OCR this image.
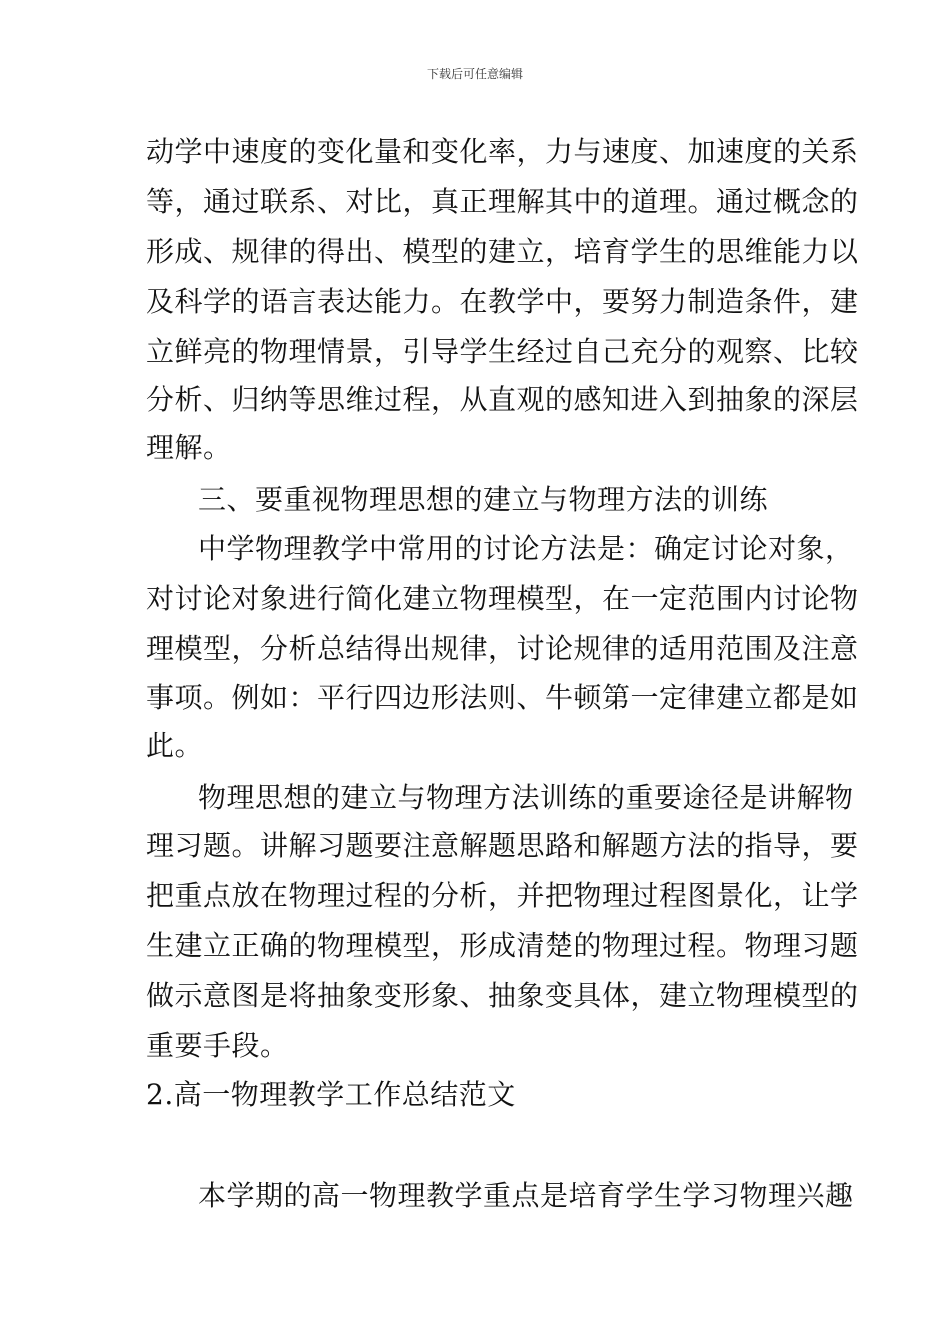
下载后可任意编辑
动学中速度的变化量和变化率，力与速度、加速度的关系
等，通过联系、对比，真正理解其中的道理。通过概念的
形成、规律的得出、模型的建立，培育学生的思维能力以
及科学的语言表达能力。在教学中，要努力制造条件，建
立鲜亮的物理情景，引导学生经过自己充分的观察、比较
分析、归纳等思维过程，从直观的感知进入到抽象的深层
理解。
三、要重视物理思想的建立与物理方法的训练
中学物理教学中常用的讨论方法是：确定讨论对象，
对讨论对象进行简化建立物理模型，在一定范围内讨论物
理模型，分析总结得出规律，讨论规律的适用范围及注意
事项。例如：平行四边形法则、牛顿第一定律建立都是如
此。
物理思想的建立与物理方法训练的重要途径是讲解物
理习题。讲解习题要注意解题思路和解题方法的指导，要
把重点放在物理过程的分析，并把物理过程图景化，让学
生建立正确的物理模型，形成清楚的物理过程。物理习题
做示意图是将抽象变形象、抽象变具体，建立物理模型的
重要手段。
2.高一物理教学工作总结范文
本学期的高一物理教学重点是培育学生学习物理兴趣
